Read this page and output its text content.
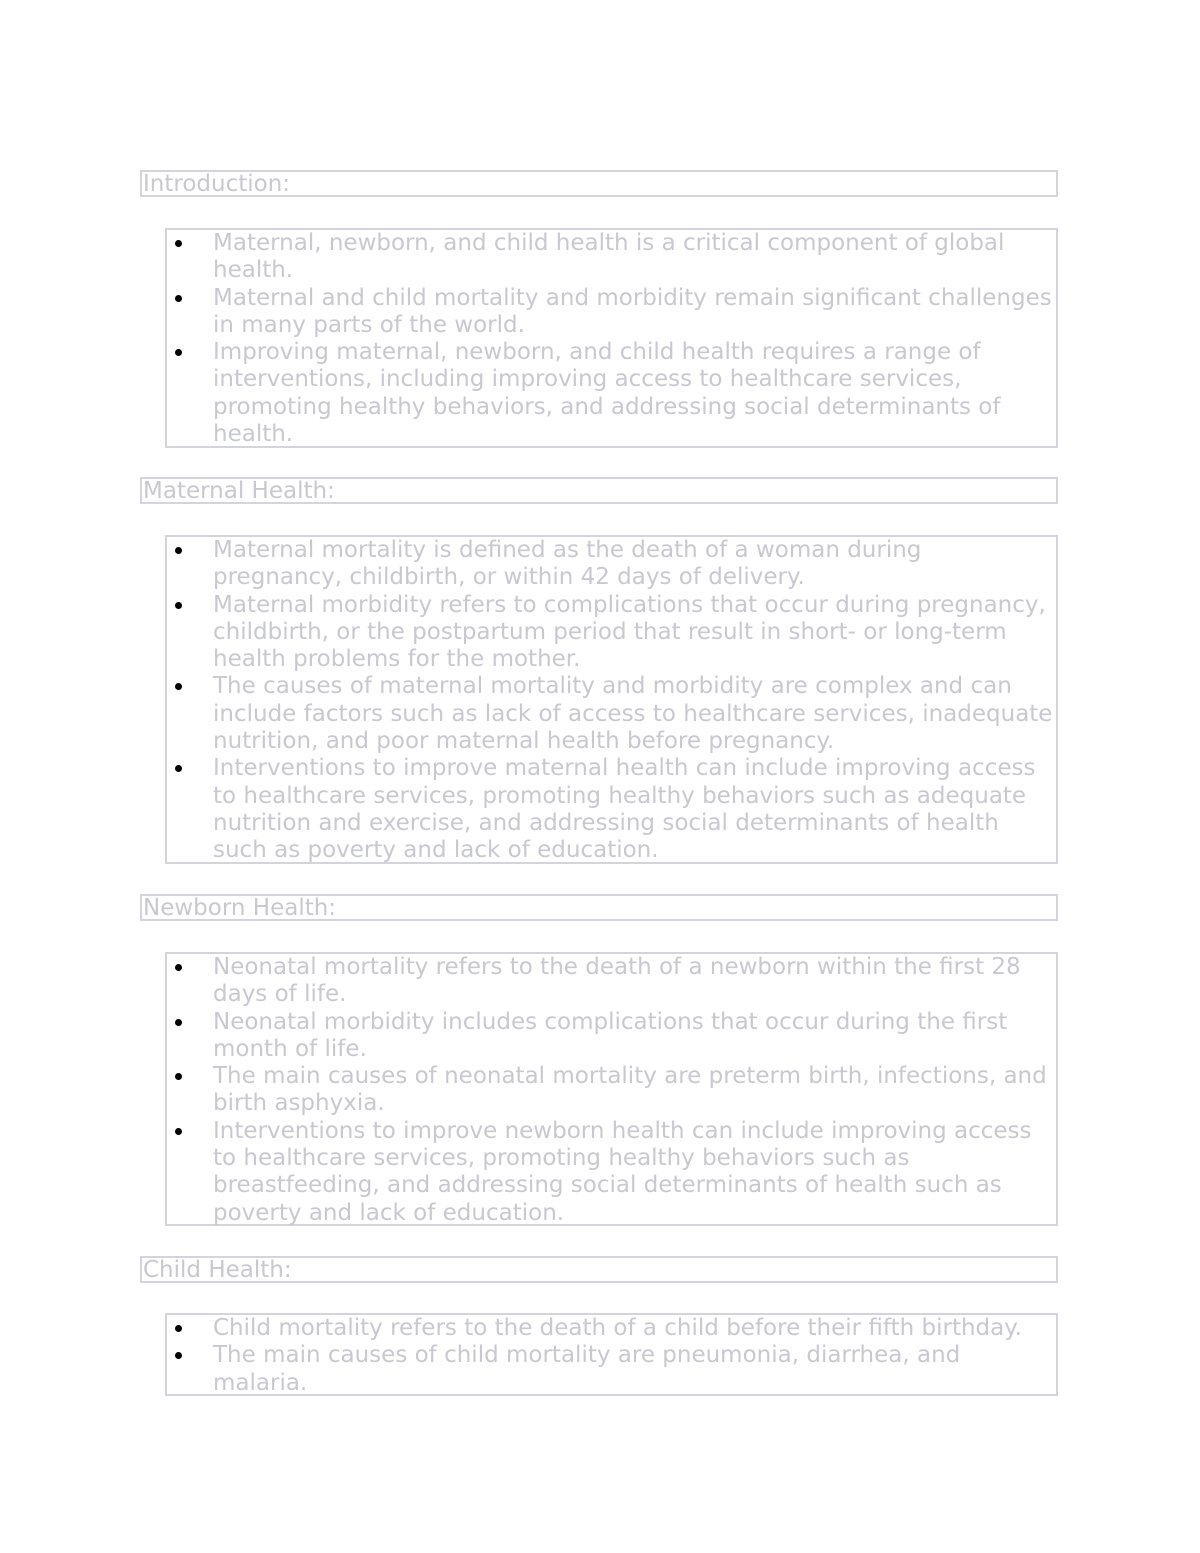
Introduction:
Maternal, newborn, and child health is a critical component of global health.
Maternal and child mortality and morbidity remain significant challenges in many parts of the world.
Improving maternal, newborn, and child health requires a range of interventions, including improving access to healthcare services, promoting healthy behaviors, and addressing social determinants of health.
Maternal Health:
Maternal mortality is defined as the death of a woman during pregnancy, childbirth, or within 42 days of delivery.
Maternal morbidity refers to complications that occur during pregnancy, childbirth, or the postpartum period that result in short- or long-term health problems for the mother.
The causes of maternal mortality and morbidity are complex and can include factors such as lack of access to healthcare services, inadequate nutrition, and poor maternal health before pregnancy.
Interventions to improve maternal health can include improving access to healthcare services, promoting healthy behaviors such as adequate nutrition and exercise, and addressing social determinants of health such as poverty and lack of education.
Newborn Health:
Neonatal mortality refers to the death of a newborn within the first 28 days of life.
Neonatal morbidity includes complications that occur during the first month of life.
The main causes of neonatal mortality are preterm birth, infections, and birth asphyxia.
Interventions to improve newborn health can include improving access to healthcare services, promoting healthy behaviors such as breastfeeding, and addressing social determinants of health such as poverty and lack of education.
Child Health:
Child mortality refers to the death of a child before their fifth birthday.
The main causes of child mortality are pneumonia, diarrhea, and malaria.
